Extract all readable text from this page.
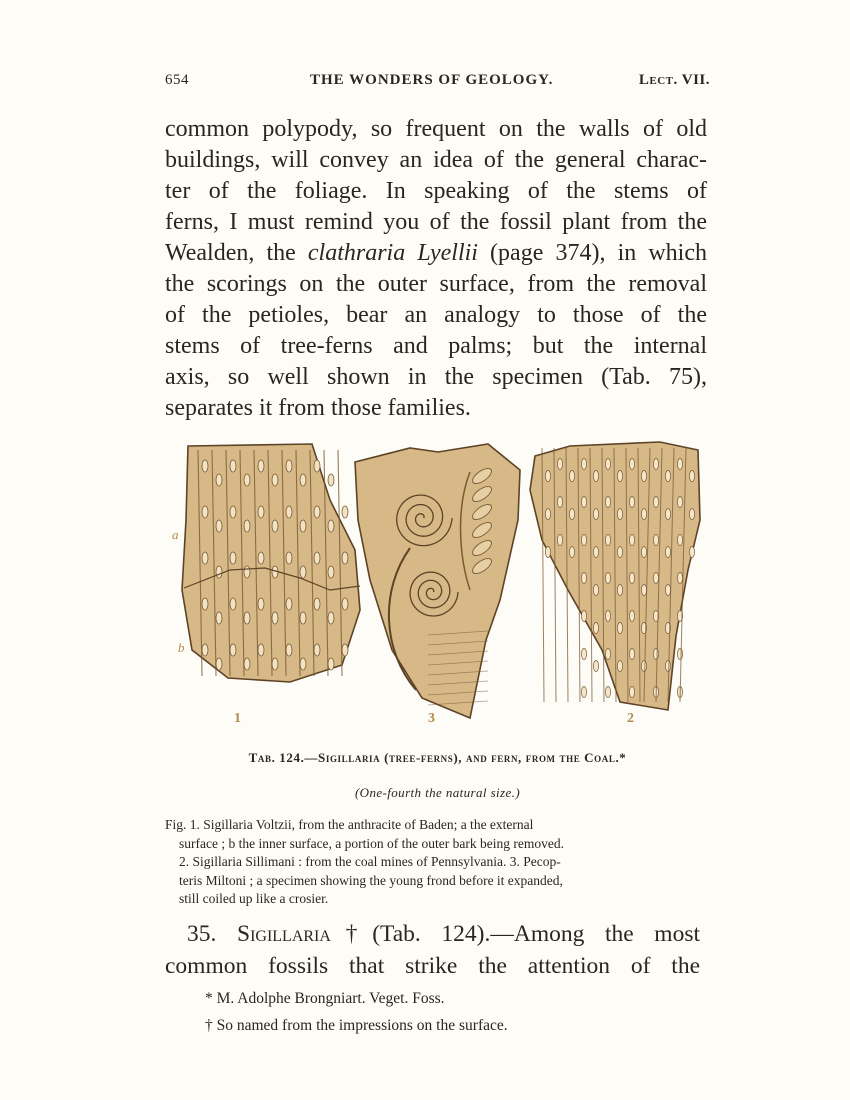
654	THE WONDERS OF GEOLOGY.	Lect. VII.
common polypody, so frequent on the walls of old
buildings, will convey an idea of the general charac-
ter of the foliage. In speaking of the stems of
ferns, I must remind you of the fossil plant from the
Wealden, the clathraria Lyellii (page 374), in which
the scorings on the outer surface, from the removal
of the petioles, bear an analogy to those of the
stems of tree-ferns and palms; but the internal
axis, so well shown in the specimen (Tab. 75),
separates it from those families.
a
b
1	3	2
Tab. 124.—Sigillaria (tree-ferns), and fern, from the Coal.*
(One-fourth the natural size.)
Fig. 1. Sigillaria Voltzii, from the anthracite of Baden; a the external
surface ; b the inner surface, a portion of the outer bark being removed.
2. Sigillaria Sillimani : from the coal mines of Pennsylvania. 3. Pecop-
teris Miltoni ; a specimen showing the young frond before it expanded,
still coiled up like a crosier.
35. Sigillaria†(Tab. 124).—Among the most
common fossils that strike the attention of the
* M. Adolphe Brongniart. Veget. Foss.
† So named from the impressions on the surface.
